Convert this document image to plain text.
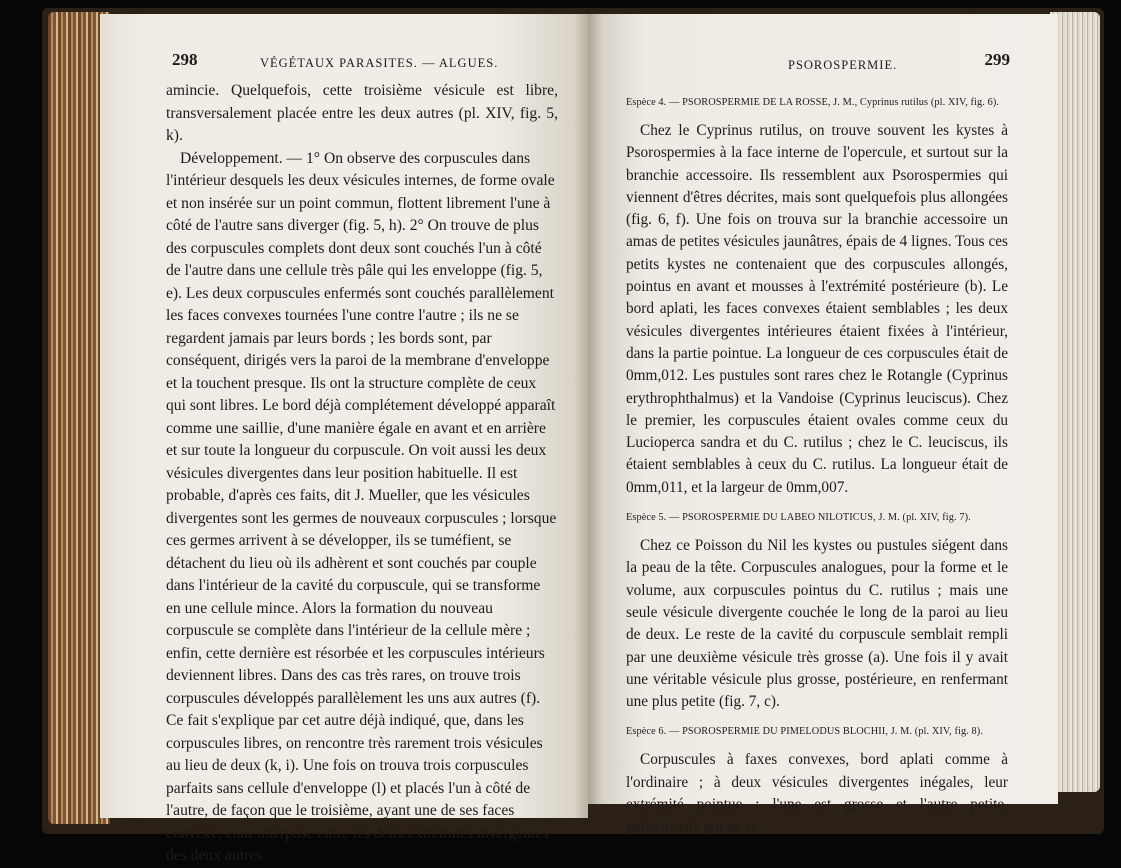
298	VÉGÉTAUX PARASITES. — ALGUES.

amincie. Quelquefois, cette troisième vésicule est libre, transversalement placée entre les deux autres (pl. XIV, fig. 5, k).

Développement. — 1° On observe des corpuscules dans l'intérieur desquels les deux vésicules internes, de forme ovale et non insérée sur un point commun, flottent librement l'une à côté de l'autre sans diverger (fig. 5, h). 2° On trouve de plus des corpuscules complets dont deux sont couchés l'un à côté de l'autre dans une cellule très pâle qui les enveloppe (fig. 5, e). Les deux corpuscules enfermés sont couchés parallèlement les faces convexes tournées l'une contre l'autre ; ils ne se regardent jamais par leurs bords ; les bords sont, par conséquent, dirigés vers la paroi de la membrane d'enveloppe et la touchent presque. Ils ont la structure complète de ceux qui sont libres. Le bord déjà complétement développé apparaît comme une saillie, d'une manière égale en avant et en arrière et sur toute la longueur du corpuscule. On voit aussi les deux vésicules divergentes dans leur position habituelle. Il est probable, d'après ces faits, dit J. Mueller, que les vésicules divergentes sont les germes de nouveaux corpuscules ; lorsque ces germes arrivent à se développer, ils se tuméfient, se détachent du lieu où ils adhèrent et sont couchés par couple dans l'intérieur de la cavité du corpuscule, qui se transforme en une cellule mince. Alors la formation du nouveau corpuscule se complète dans l'intérieur de la cellule mère ; enfin, cette dernière est résorbée et les corpuscules intérieurs deviennent libres. Dans des cas très rares, on trouve trois corpuscules développés parallèlement les uns aux autres (f). Ce fait s'explique par cet autre déjà indiqué, que, dans les corpuscules libres, on rencontre très rarement trois vésicules au lieu de deux (k, i). Une fois on trouva trois corpuscules parfaits sans cellule d'enveloppe (l) et placés l'un à côté de l'autre, de façon que le troisième, ayant une de ses faces convexe, était interposé entre les deux extrémités divergentes des deux autres.

PSOROSPERMIE.	299
Espèce 4. — PSOROSPERMIE DE LA ROSSE, J. M., Cyprinus rutilus (pl. XIV, fig. 6).

Chez le Cyprinus rutilus, on trouve souvent les kystes à Psorospermies à la face interne de l'opercule, et surtout sur la branchie accessoire. Ils ressemblent aux Psorospermies qui viennent d'êtres décrites, mais sont quelquefois plus allongées (fig. 6, f). Une fois on trouva sur la branchie accessoire un amas de petites vésicules jaunâtres, épais de 4 lignes. Tous ces petits kystes ne contenaient que des corpuscules allongés, pointus en avant et mousses à l'extrémité postérieure (b). Le bord aplati, les faces convexes étaient semblables ; les deux vésicules divergentes intérieures étaient fixées à l'intérieur, dans la partie pointue. La longueur de ces corpuscules était de 0mm,012. Les pustules sont rares chez le Rotangle (Cyprinus erythrophthalmus) et la Vandoise (Cyprinus leuciscus). Chez le premier, les corpuscules étaient ovales comme ceux du Lucioperca sandra et du C. rutilus ; chez le C. leuciscus, ils étaient semblables à ceux du C. rutilus. La longueur était de 0mm,011, et la largeur de 0mm,007.

Espèce 5. — PSOROSPERMIE DU LABEO NILOTICUS, J. M. (pl. XIV, fig. 7).

Chez ce Poisson du Nil les kystes ou pustules siégent dans la peau de la tête. Corpuscules analogues, pour la forme et le volume, aux corpuscules pointus du C. rutilus ; mais une seule vésicule divergente couchée le long de la paroi au lieu de deux. Le reste de la cavité du corpuscule semblait rempli par une deuxième vésicule très grosse (a). Une fois il y avait une véritable vésicule plus grosse, postérieure, en renfermant une plus petite (fig. 7, c).

Espèce 6. — PSOROSPERMIE DU PIMELODUS BLOCHII, J. M. (pl. XIV, fig. 8).

Corpuscules à faxes convexes, bord aplati comme à l'ordinaire ; à deux vésicules divergentes inégales, leur extrémité pointue ; l'une est grosse et l'autre petite, particularité qui ne se
